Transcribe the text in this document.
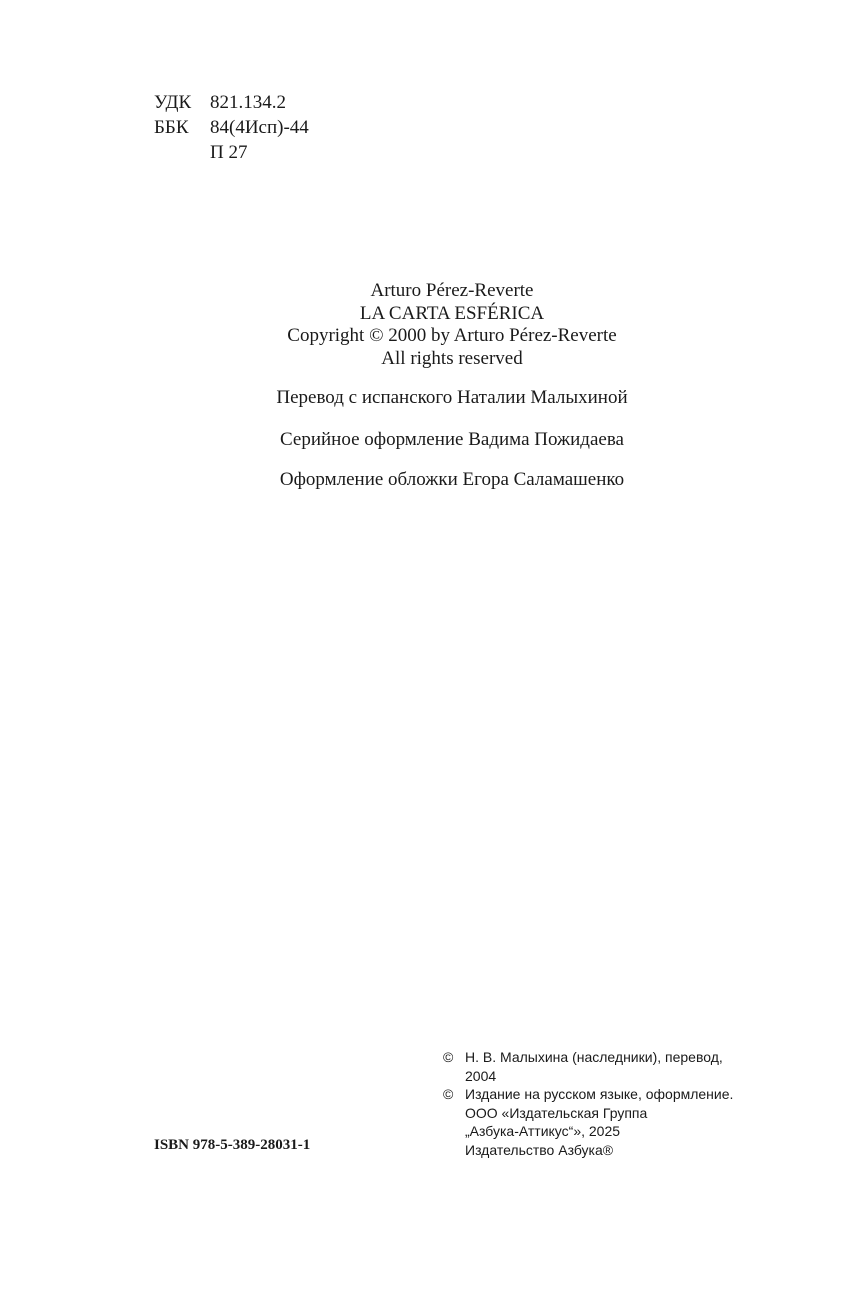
УДК 821.134.2
ББК	84(4Исп)-44
П 27
Arturo Pérez-Reverte
LA CARTA ESFÉRICA
Copyright © 2000 by Arturo Pérez-Reverte
All rights reserved
Перевод с испанского Наталии Малыхиной
Серийное оформление Вадима Пожидаева
Оформление обложки Егора Саламашенко
ISBN 978-5-389-28031-1
© Н. В. Малыхина (наследники), перевод,
2004
© Издание на русском языке, оформление.
ООО «Издательская Группа
„Азбука-Аттикус“», 2025
Издательство Азбука®
